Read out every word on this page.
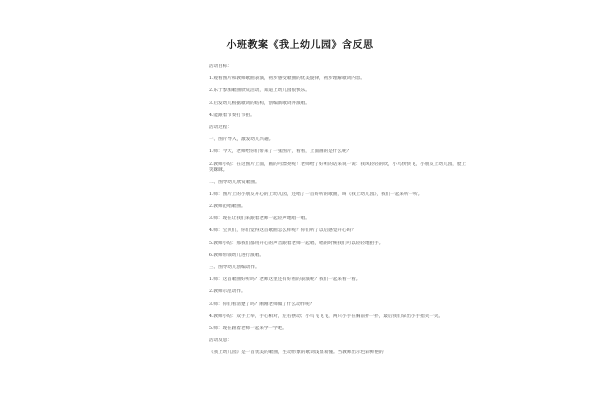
小班教案《我上幼儿园》含反思
活动目标：
1.观看图片和教师歌曲表演，初步感受歌曲的优美旋律，初步理解歌词内容。
2.乐于参加歌曲欣赏活动，知道上幼儿园很快乐。
3.启发幼儿根据歌词的结构，创编新歌词并演唱。
4.能跟着节奏打节拍。
活动过程：
一、图片导入，激发幼儿兴趣。
1.师：今天，老师给你们带来了一张图片，看看，上面画的是什么呢？
2.教师小结：在这图片上面，画的可漂亮呢！老师给了好听的话来说一说：我风轻轻的吹，小鸟快快飞，小朋友上幼儿园，脸上笑眯眯。
二、图导幼儿欣赏歌曲。
1.师：图片上的小朋友开心的上幼儿园，还唱了一首好听的歌曲，叫《我上幼儿园》，我们一起来听一听。
2.教师范唱歌曲。
3.师：现在让我们来跟着老师一起轻声地唱一唱。
4.师：宝贝们，你们觉得这首歌曲怎么样呢？你们听了以后感觉开心吗？
5.教师小结：那我们都用开心的声音跟着老师一起唱，唱的时候我们可以轻轻地拍手。
6.教师带领幼儿进行演唱。
三、图导幼儿创编动作。
1.师：这首歌曲好听吗？老师这里还有好看的表演呢？我们一起来看一看。
2.教师示范动作。
3.师：你们看清楚了吗？刚刚老师做了什么动作呢？
4.教师小结：双手上举，手心相对，左右摆动；小鸟飞飞飞，两只小手在胸前扑一扑，最后我们拿出小手指笑一笑。
5.师：现在跟着老师一起来学一学吧。
活动反思：
《我上幼儿园》是一首优美的歌曲，生动形象的歌词浅显易懂。当教师出示色彩鲜艳的
